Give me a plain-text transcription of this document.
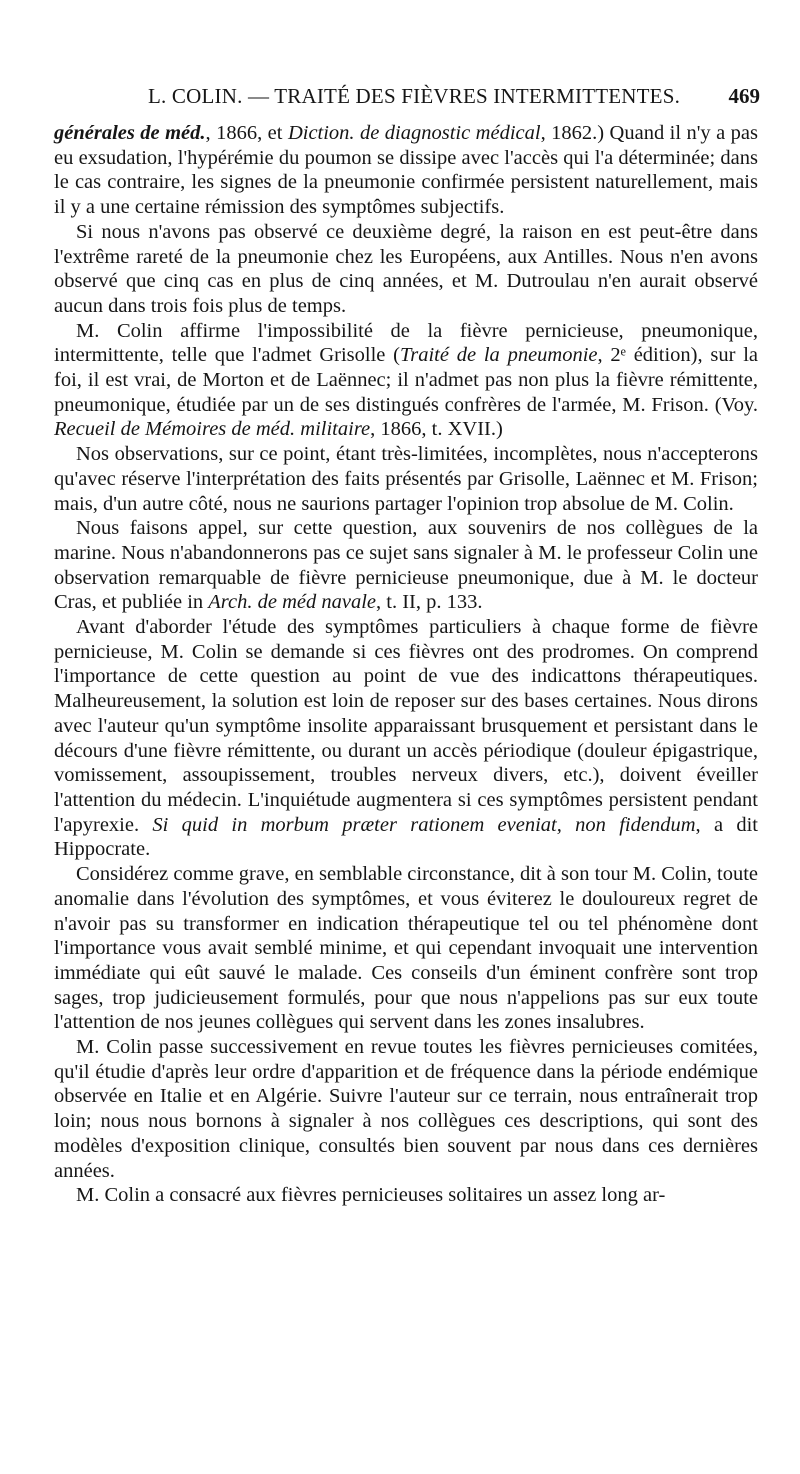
L. COLIN. — TRAITÉ DES FIÈVRES INTERMITTENTES. 469

générales de méd., 1866, et Diction. de diagnostic médical, 1862.) Quand il n'y a pas eu exsudation, l'hypérémie du poumon se dissipe avec l'accès qui l'a déterminée; dans le cas contraire, les signes de la pneumonie confirmée persistent naturellement, mais il y a une certaine rémission des symptômes subjectifs.

Si nous n'avons pas observé ce deuxième degré, la raison en est peut-être dans l'extrême rareté de la pneumonie chez les Européens, aux Antilles. Nous n'en avons observé que cinq cas en plus de cinq années, et M. Dutroulau n'en aurait observé aucun dans trois fois plus de temps.

M. Colin affirme l'impossibilité de la fièvre pernicieuse, pneumonique, intermittente, telle que l'admet Grisolle (Traité de la pneumonie, 2ᵉ édition), sur la foi, il est vrai, de Morton et de Laënnec; il n'admet pas non plus la fièvre rémittente, pneumonique, étudiée par un de ses distingués confrères de l'armée, M. Frison. (Voy. Recueil de Mémoires de méd. militaire, 1866, t. XVII.)

Nos observations, sur ce point, étant très-limitées, incomplètes, nous n'accepterons qu'avec réserve l'interprétation des faits présentés par Grisolle, Laënnec et M. Frison; mais, d'un autre côté, nous ne saurions partager l'opinion trop absolue de M. Colin.

Nous faisons appel, sur cette question, aux souvenirs de nos collègues de la marine. Nous n'abandonnerons pas ce sujet sans signaler à M. le professeur Colin une observation remarquable de fièvre pernicieuse pneumonique, due à M. le docteur Cras, et publiée in Arch. de méd navale, t. II, p. 133.

Avant d'aborder l'étude des symptômes particuliers à chaque forme de fièvre pernicieuse, M. Colin se demande si ces fièvres ont des prodromes. On comprend l'importance de cette question au point de vue des indicattons thérapeutiques. Malheureusement, la solution est loin de reposer sur des bases certaines. Nous dirons avec l'auteur qu'un symptôme insolite apparaissant brusquement et persistant dans le décours d'une fièvre rémittente, ou durant un accès périodique (douleur épigastrique, vomissement, assoupissement, troubles nerveux divers, etc.), doivent éveiller l'attention du médecin. L'inquiétude augmentera si ces symptômes persistent pendant l'apyrexie. Si quid in morbum præter rationem eveniat, non fidendum, a dit Hippocrate.

Considérez comme grave, en semblable circonstance, dit à son tour M. Colin, toute anomalie dans l'évolution des symptômes, et vous éviterez le douloureux regret de n'avoir pas su transformer en indication thérapeutique tel ou tel phénomène dont l'importance vous avait semblé minime, et qui cependant invoquait une intervention immédiate qui eût sauvé le malade. Ces conseils d'un éminent confrère sont trop sages, trop judicieusement formulés, pour que nous n'appelions pas sur eux toute l'attention de nos jeunes collègues qui servent dans les zones insalubres.

M. Colin passe successivement en revue toutes les fièvres pernicieuses comitées, qu'il étudie d'après leur ordre d'apparition et de fréquence dans la période endémique observée en Italie et en Algérie. Suivre l'auteur sur ce terrain, nous entraînerait trop loin; nous nous bornons à signaler à nos collègues ces descriptions, qui sont des modèles d'exposition clinique, consultés bien souvent par nous dans ces dernières années.

M. Colin a consacré aux fièvres pernicieuses solitaires un assez long ar-
